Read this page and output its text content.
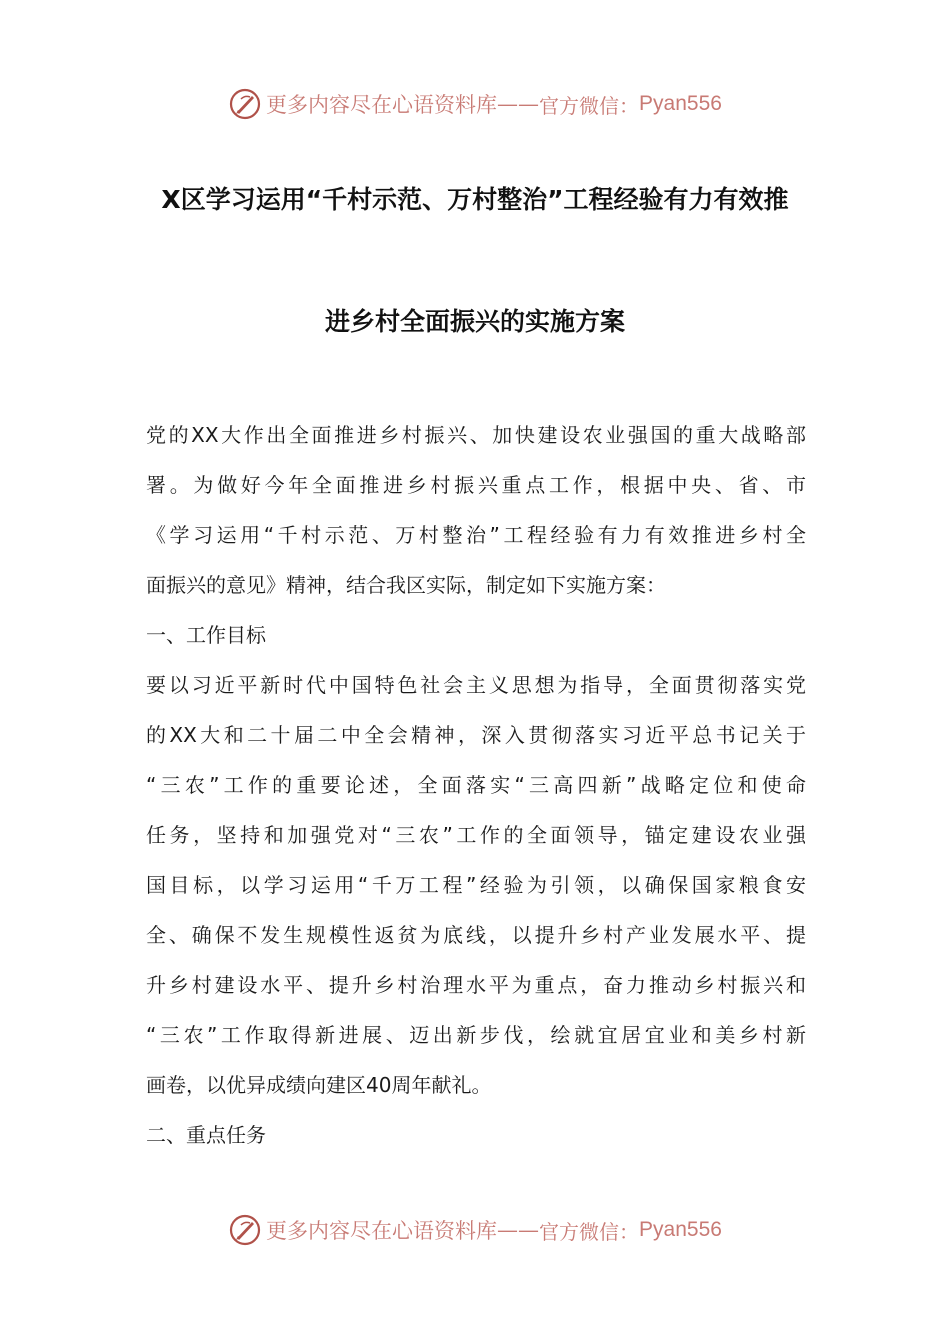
更多内容尽在心语资料库 —— 官方微信： Pyan556
X区学习运用“千村示范、万村整治”工程经验有力有效推
进乡村全面振兴的实施方案
党的XX大作出全面推进乡村振兴、加快建设农业强国的重大战略部
署。为做好今年全面推进乡村振兴重点工作，根据中央、省、市
《学习运用“千村示范、万村整治”工程经验有力有效推进乡村全
面振兴的意见》精神，结合我区实际，制定如下实施方案：
一、工作目标
要以习近平新时代中国特色社会主义思想为指导，全面贯彻落实党
的XX大和二十届二中全会精神，深入贯彻落实习近平总书记关于
“三农”工作的重要论述，全面落实“三高四新”战略定位和使命
任务，坚持和加强党对“三农”工作的全面领导，锚定建设农业强
国目标，以学习运用“千万工程”经验为引领，以确保国家粮食安
全、确保不发生规模性返贫为底线，以提升乡村产业发展水平、提
升乡村建设水平、提升乡村治理水平为重点，奋力推动乡村振兴和
“三农”工作取得新进展、迈出新步伐，绘就宜居宜业和美乡村新
画卷，以优异成绩向建区40周年献礼。
二、重点任务
更多内容尽在心语资料库 —— 官方微信： Pyan556
